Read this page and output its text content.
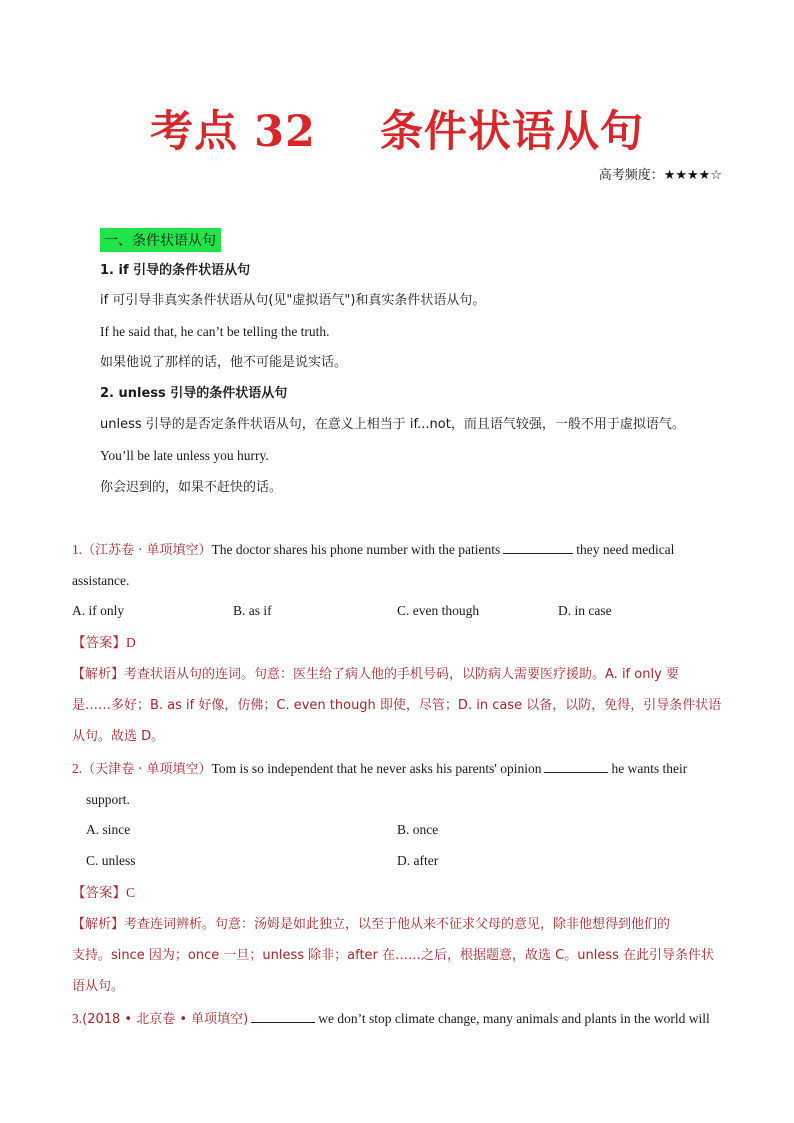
考点 32    条件状语从句
高考频度：★★★★☆
一、条件状语从句
1. if 引导的条件状语从句
if 可引导非真实条件状语从句(见"虚拟语气")和真实条件状语从句。
If he said that, he can’t be telling the truth.
如果他说了那样的话，他不可能是说实话。
2. unless 引导的条件状语从句
unless 引导的是否定条件状语从句，在意义上相当于 if...not，而且语气较强，一般不用于虚拟语气。
You’ll be late unless you hurry.
你会迟到的，如果不赶快的话。
1.（江苏卷 · 单项填空）The doctor shares his phone number with the patients	they need medical
assistance.
A. if only	B. as if	C. even though	D. in case
【答案】D
【解析】考查状语从句的连词。句意：医生给了病人他的手机号码，以防病人需要医疗援助。A. if only 要
是……多好；B. as if 好像，仿佛；C. even though 即使，尽管；D. in case 以备，以防，免得，引导条件状语
从句。故选 D。
2.（天津卷 · 单项填空）Tom is so independent that he never asks his parents' opinion	he wants their
support.
A. since	B. once
C. unless	D. after
【答案】C
【解析】考查连词辨析。句意：汤姆是如此独立，以至于他从来不征求父母的意见，除非他想得到他们的
支持。since 因为；once 一旦；unless 除非；after 在……之后，根据题意，故选 C。unless 在此引导条件状
语从句。
3.(2018 • 北京卷 • 单项填空)	we don’t stop climate change, many animals and plants in the world will
